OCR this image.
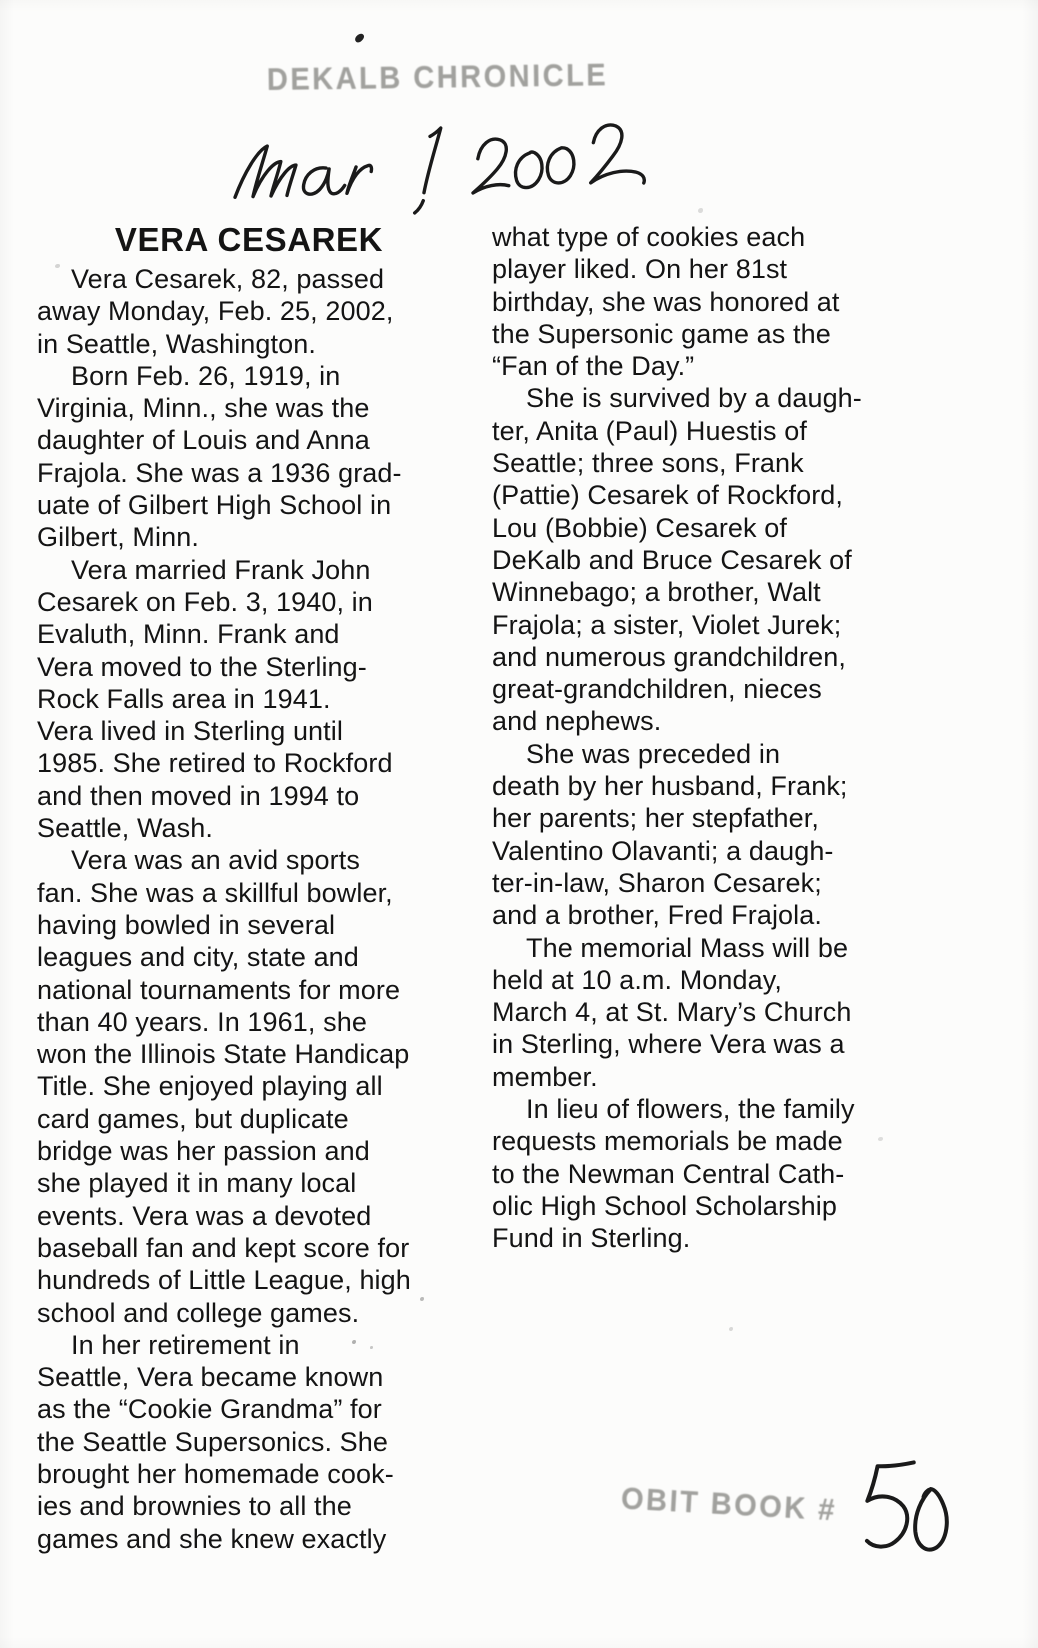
DEKALB CHRONICLE
VERA CESAREK

Vera Cesarek, 82, passed
away Monday, Feb. 25, 2002,
in Seattle, Washington.

Born Feb. 26, 1919, in
Virginia, Minn., she was the
daughter of Louis and Anna
Frajola. She was a 1936 grad-
uate of Gilbert High School in
Gilbert, Minn.

Vera married Frank John
Cesarek on Feb. 3, 1940, in
Evaluth, Minn. Frank and
Vera moved to the Sterling-
Rock Falls area in 1941.
Vera lived in Sterling until
1985. She retired to Rockford
and then moved in 1994 to
Seattle, Wash.

Vera was an avid sports
fan. She was a skillful bowler,
having bowled in several
leagues and city, state and
national tournaments for more
than 40 years. In 1961, she
won the Illinois State Handicap
Title. She enjoyed playing all
card games, but duplicate
bridge was her passion and
she played it in many local
events. Vera was a devoted
baseball fan and kept score for
hundreds of Little League, high
school and college games.

In her retirement in
Seattle, Vera became known
as the “Cookie Grandma” for
the Seattle Supersonics. She
brought her homemade cook-
ies and brownies to all the
games and she knew exactly

what type of cookies each
player liked. On her 81st
birthday, she was honored at
the Supersonic game as the
“Fan of the Day.”

She is survived by a daugh-
ter, Anita (Paul) Huestis of
Seattle; three sons, Frank
(Pattie) Cesarek of Rockford,
Lou (Bobbie) Cesarek of
DeKalb and Bruce Cesarek of
Winnebago; a brother, Walt
Frajola; a sister, Violet Jurek;
and numerous grandchildren,
great-grandchildren, nieces
and nephews.

She was preceded in
death by her husband, Frank;
her parents; her stepfather,
Valentino Olavanti; a daugh-
ter-in-law, Sharon Cesarek;
and a brother, Fred Frajola.

The memorial Mass will be
held at 10 a.m. Monday,
March 4, at St. Mary’s Church
in Sterling, where Vera was a
member.

In lieu of flowers, the family
requests memorials be made
to the Newman Central Cath-
olic High School Scholarship
Fund in Sterling.

OBIT BOOK #
